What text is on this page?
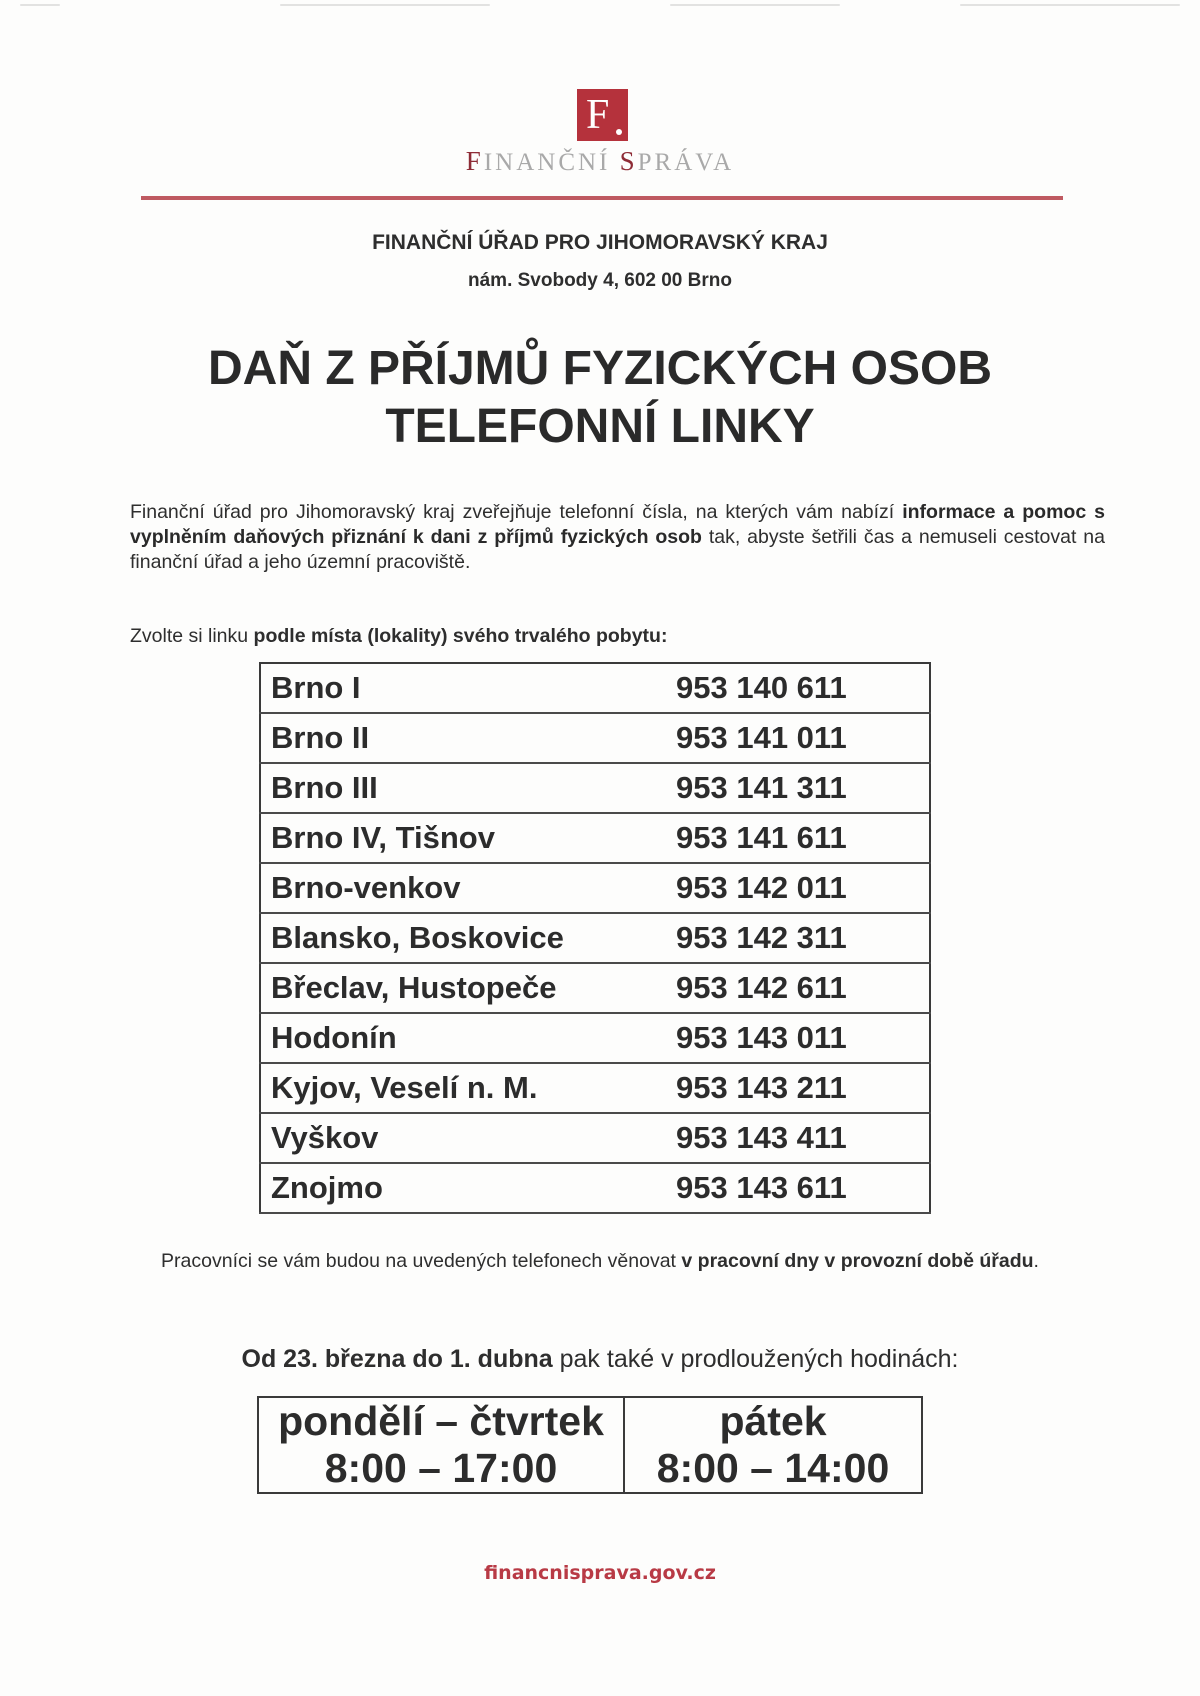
F
FINANČNÍ SPRÁVA
FINANČNÍ ÚŘAD PRO JIHOMORAVSKÝ KRAJ
nám. Svobody 4, 602 00 Brno
DAŇ Z PŘÍJMŮ FYZICKÝCH OSOB
TELEFONNÍ LINKY
Finanční úřad pro Jihomoravský kraj zveřejňuje telefonní čísla, na kterých vám nabízí informace a pomoc s vyplněním daňových přiznání k dani z příjmů fyzických osob tak, abyste šetřili čas a nemuseli cestovat na finanční úřad a jeho územní pracoviště.
Zvolte si linku podle místa (lokality) svého trvalého pobytu:
Brno I	953 140 611
Brno II	953 141 011
Brno III	953 141 311
Brno IV, Tišnov	953 141 611
Brno-venkov	953 142 011
Blansko, Boskovice	953 142 311
Břeclav, Hustopeče	953 142 611
Hodonín	953 143 011
Kyjov, Veselí n. M.	953 143 211
Vyškov	953 143 411
Znojmo	953 143 611
Pracovníci se vám budou na uvedených telefonech věnovat v pracovní dny v provozní době úřadu.
Od 23. března do 1. dubna pak také v prodloužených hodinách:
pondělí – čtvrtek
8:00 – 17:00

pátek
8:00 – 14:00
financnisprava.gov.cz
